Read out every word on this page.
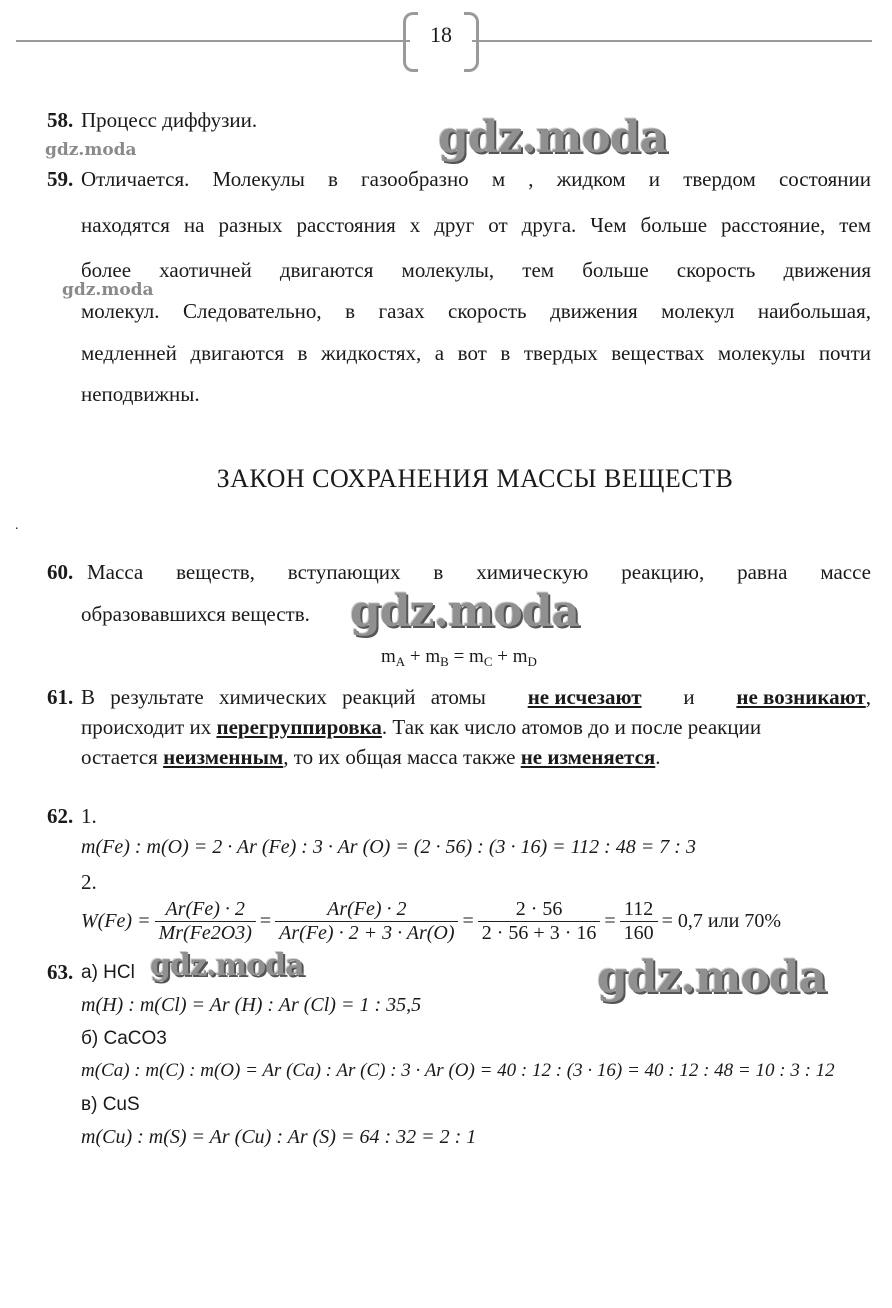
18
gdz.moda
gdz.moda
gdz.moda
gdz.moda
gdz.moda	gdz.moda
58. Процесс диффузии.
59. Отличается. Молекулы в газообразно м , жидком и твердом состоянии
находятся на разных расстояния х друг от друга. Чем больше расстояние, тем
более хаотичней двигаются молекулы, тем больше скорость движения
молекул. Следовательно, в газах скорость движения молекул наибольшая,
медленней двигаются в жидкостях, а вот в твердых веществах молекулы почти
неподвижны.
ЗАКОН СОХРАНЕНИЯ МАССЫ ВЕЩЕСТВ
.
60. Масса веществ, вступающих в химическую реакцию, равна массе
образовавшихся веществ.
$m_A + m_B = m_C + m_D$
61. В результате химических реакций атомы не исчезают и не возникают,
происходит их перегруппировка. Так как число атомов до и после реакции
остается неизменным, то их общая масса также не изменяется.
62. 1.
m(Fe) : m(O) = 2 · Ar (Fe) : 3 · Ar (O) = (2 · 56) : (3 · 16) = 112 : 48 = 7 : 3
2.
$W(Fe) = \frac{Ar(Fe) \cdot 2}{Mr(Fe2O3)} = \frac{Ar(Fe) \cdot 2}{Ar(Fe) \cdot 2 + 3 \cdot Ar(O)} = \frac{2 \cdot 56}{2 \cdot 56 + 3 \cdot 16} = \frac{112}{160} = 0,7$ или 70%
63. а) HCl
m(H) : m(Cl) = Ar (H) : Ar (Cl) = 1 : 35,5
б) CaCO3
m(Ca) : m(C) : m(O) = Ar (Ca) : Ar (C) : 3 · Ar (O) = 40 : 12 : (3 · 16) = 40 : 12 : 48 = 10 : 3 : 12
в) CuS
m(Cu) : m(S) = Ar (Cu) : Ar (S) = 64 : 32 = 2 : 1
